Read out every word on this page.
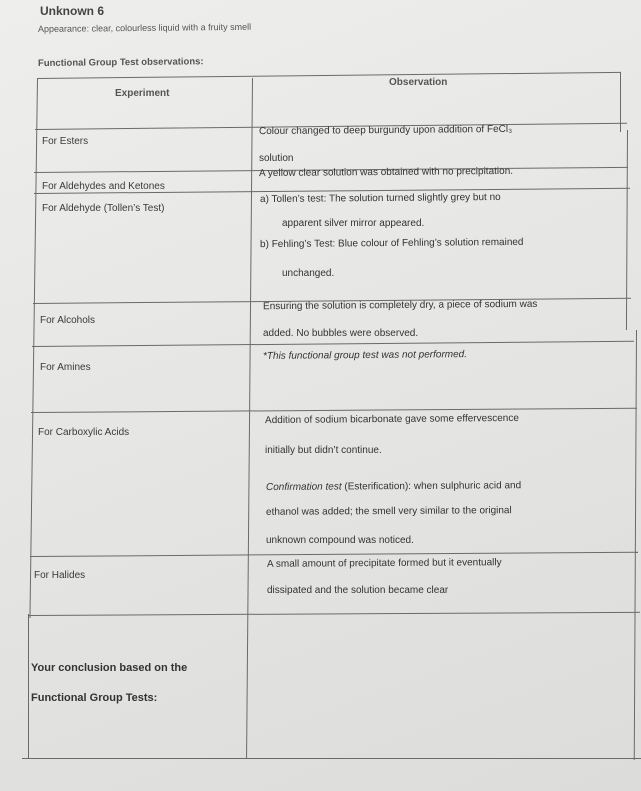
Unknown 6
Appearance: clear, colourless liquid with a fruity smell
Functional Group Test observations:
Experiment
Observation
For Esters
Colour changed to deep burgundy upon addition of FeCl₃
solution
For Aldehydes and Ketones
A yellow clear solution was obtained with no precipitation.
For Aldehyde (Tollen’s Test)
a) Tollen’s test: The solution turned slightly grey but no
apparent silver mirror appeared.
b) Fehling’s Test: Blue colour of Fehling’s solution remained
unchanged.
For Alcohols
Ensuring the solution is completely dry, a piece of sodium was
added. No bubbles were observed.
For Amines
*This functional group test was not performed.
For Carboxylic Acids
Addition of sodium bicarbonate gave some effervescence
initially but didn’t continue.
Confirmation test (Esterification): when sulphuric acid and
ethanol was added; the smell very similar to the original
unknown compound was noticed.
For Halides
A small amount of precipitate formed but it eventually
dissipated and the solution became clear
Your conclusion based on the
Functional Group Tests:
